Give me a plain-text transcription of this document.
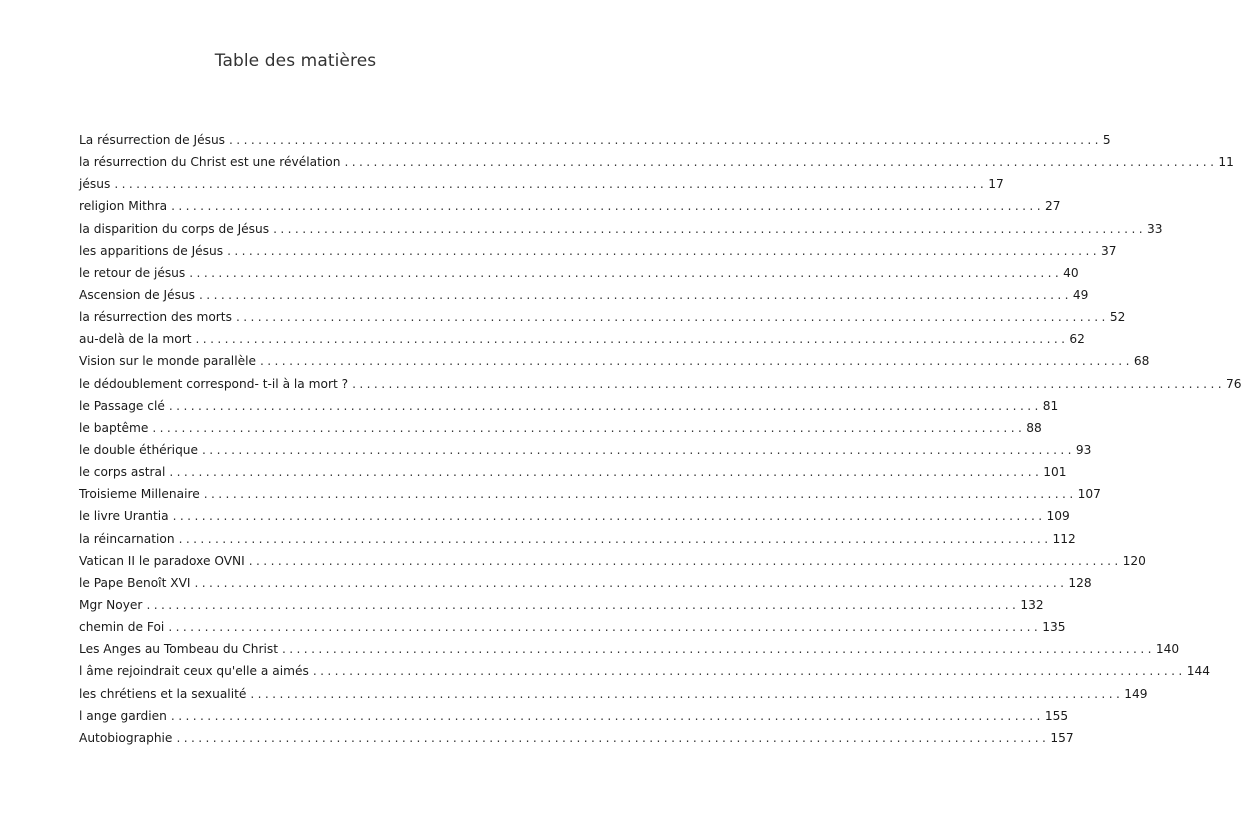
Table des matières
La résurrection de Jésus ........................................................................................................................ 5
la résurrection du Christ est une révélation ........................................................................................................................ 11
jésus ........................................................................................................................ 17
religion Mithra ........................................................................................................................ 27
la disparition du corps de Jésus ........................................................................................................................ 33
les apparitions de Jésus ........................................................................................................................ 37
le retour de jésus ........................................................................................................................ 40
Ascension de Jésus ........................................................................................................................ 49
la résurrection des morts ........................................................................................................................ 52
au-delà de la mort ........................................................................................................................ 62
Vision sur le monde parallèle ........................................................................................................................ 68
le dédoublement correspond- t-il à la mort ? ........................................................................................................................ 76
le Passage clé ........................................................................................................................ 81
le baptême ........................................................................................................................ 88
le double éthérique ........................................................................................................................ 93
le corps astral ........................................................................................................................ 101
Troisieme Millenaire ........................................................................................................................ 107
le livre Urantia ........................................................................................................................ 109
la réincarnation ........................................................................................................................ 112
Vatican II le paradoxe OVNI ........................................................................................................................ 120
le Pape Benoît XVI ........................................................................................................................ 128
Mgr Noyer ........................................................................................................................ 132
chemin de Foi ........................................................................................................................ 135
Les Anges au Tombeau du Christ ........................................................................................................................ 140
l âme rejoindrait ceux qu'elle a aimés ........................................................................................................................ 144
les chrétiens et la sexualité ........................................................................................................................ 149
l ange gardien ........................................................................................................................ 155
Autobiographie ........................................................................................................................ 157
